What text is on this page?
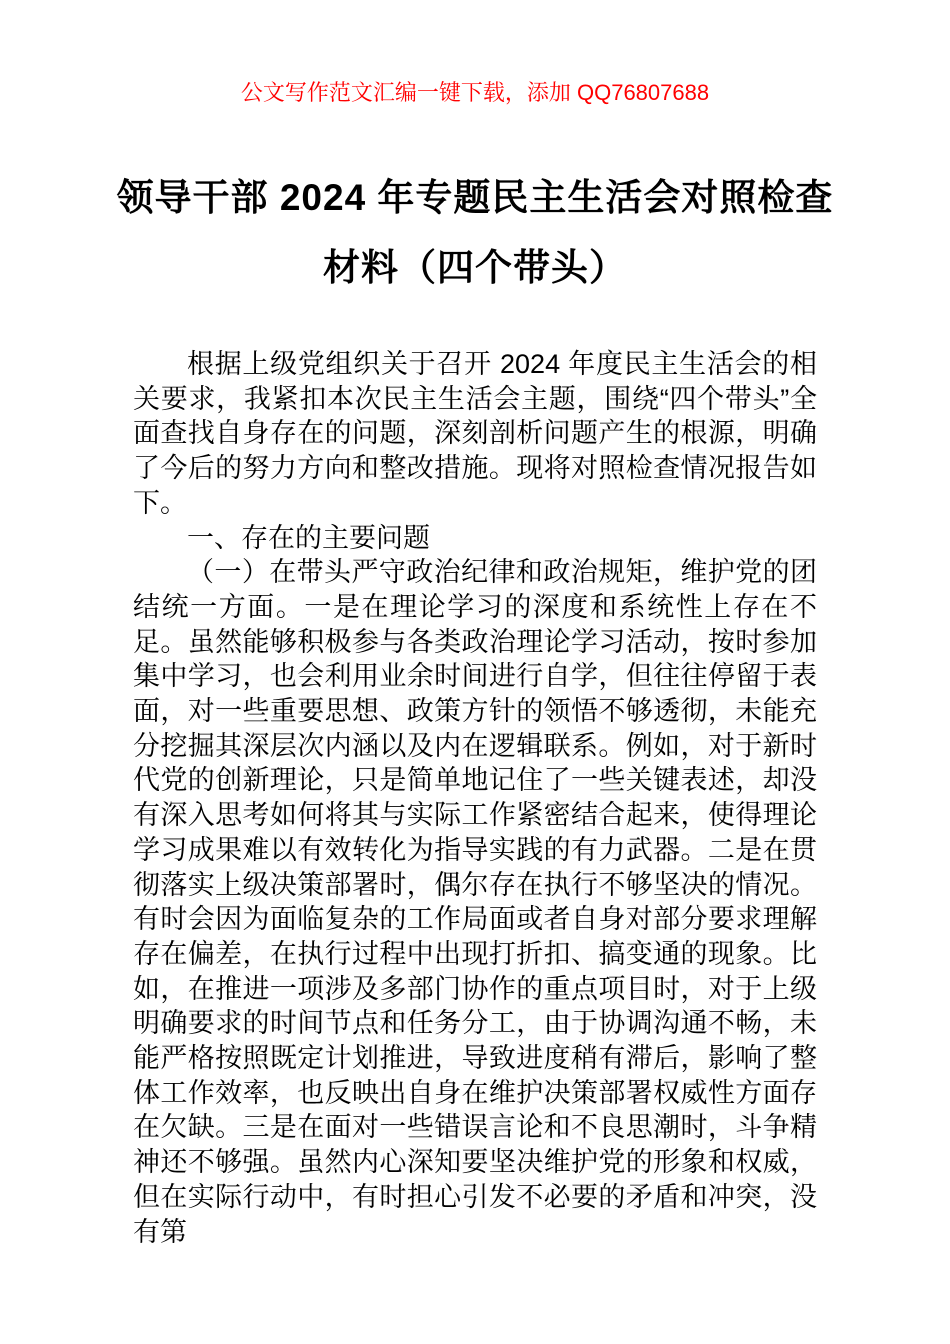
公文写作范文汇编一键下载，添加 QQ76807688
领导干部 2024 年专题民主生活会对照检查
材料（四个带头）

根据上级党组织关于召开 2024 年度民主生活会的相关要求，我紧扣本次民主生活会主题，围绕“四个带头”全面查找自身存在的问题，深刻剖析问题产生的根源，明确了今后的努力方向和整改措施。现将对照检查情况报告如下。

一、存在的主要问题

（一）在带头严守政治纪律和政治规矩，维护党的团结统一方面。一是在理论学习的深度和系统性上存在不足。虽然能够积极参与各类政治理论学习活动，按时参加集中学习，也会利用业余时间进行自学，但往往停留于表面，对一些重要思想、政策方针的领悟不够透彻，未能充分挖掘其深层次内涵以及内在逻辑联系。例如，对于新时代党的创新理论，只是简单地记住了一些关键表述，却没有深入思考如何将其与实际工作紧密结合起来，使得理论学习成果难以有效转化为指导实践的有力武器。二是在贯彻落实上级决策部署时，偶尔存在执行不够坚决的情况。有时会因为面临复杂的工作局面或者自身对部分要求理解存在偏差，在执行过程中出现打折扣、搞变通的现象。比如，在推进一项涉及多部门协作的重点项目时，对于上级明确要求的时间节点和任务分工，由于协调沟通不畅，未能严格按照既定计划推进，导致进度稍有滞后，影响了整体工作效率，也反映出自身在维护决策部署权威性方面存在欠缺。三是在面对一些错误言论和不良思潮时，斗争精神还不够强。虽然内心深知要坚决维护党的形象和权威，但在实际行动中，有时担心引发不必要的矛盾和冲突，没有第
